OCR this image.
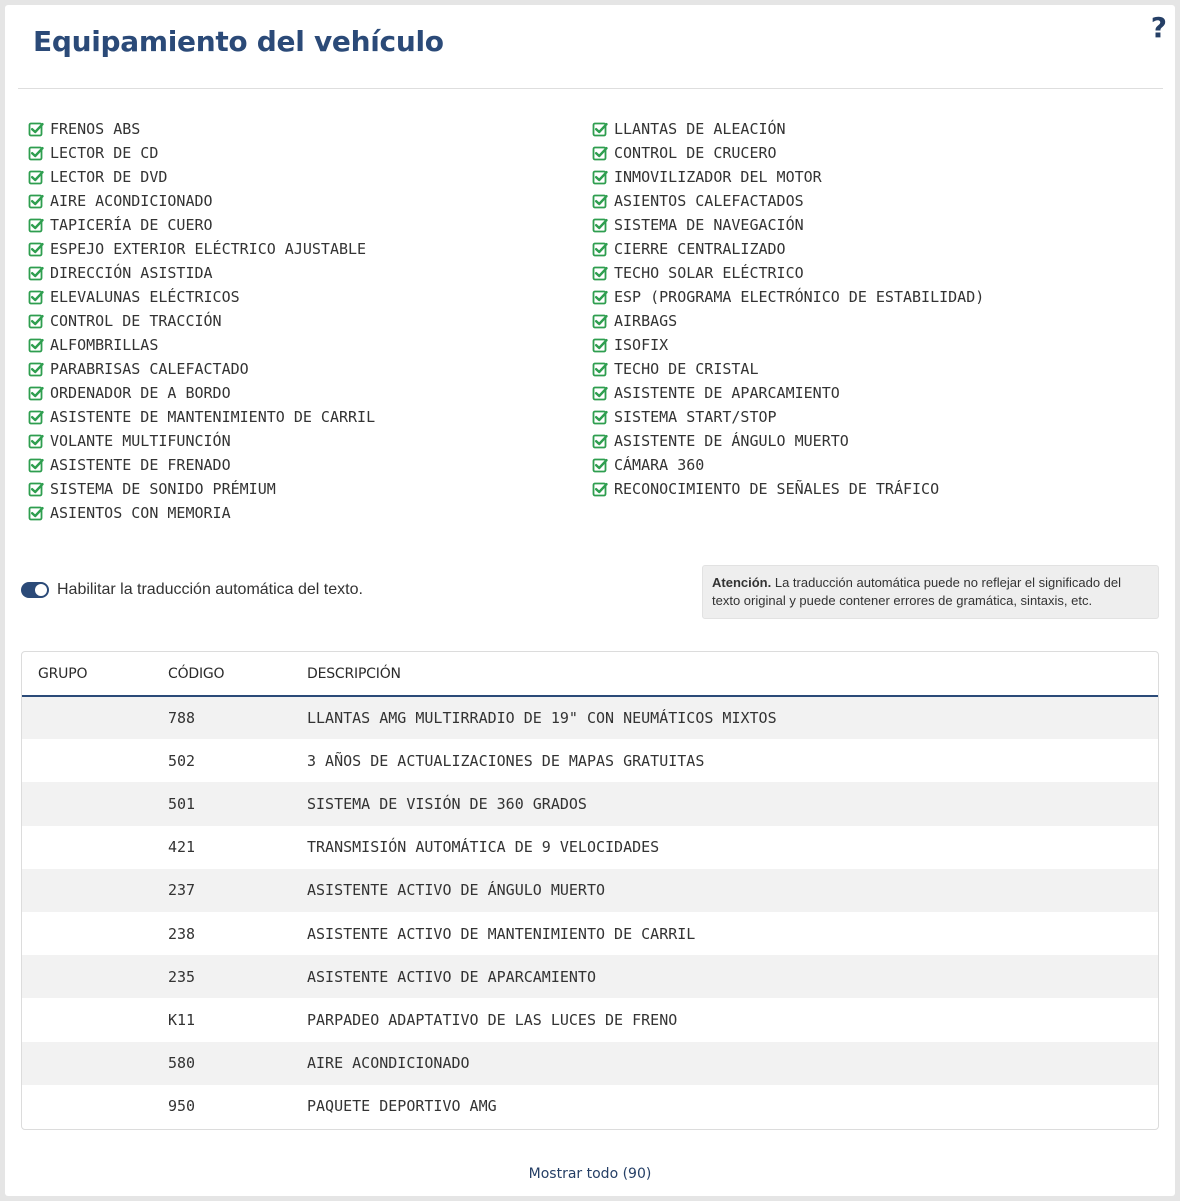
Equipamiento del vehículo	?
FRENOS ABS
LECTOR DE CD
LECTOR DE DVD
AIRE ACONDICIONADO
TAPICERÍA DE CUERO
ESPEJO EXTERIOR ELÉCTRICO AJUSTABLE
DIRECCIÓN ASISTIDA
ELEVALUNAS ELÉCTRICOS
CONTROL DE TRACCIÓN
ALFOMBRILLAS
PARABRISAS CALEFACTADO
ORDENADOR DE A BORDO
ASISTENTE DE MANTENIMIENTO DE CARRIL
VOLANTE MULTIFUNCIÓN
ASISTENTE DE FRENADO
SISTEMA DE SONIDO PRÉMIUM
ASIENTOS CON MEMORIA
LLANTAS DE ALEACIÓN
CONTROL DE CRUCERO
INMOVILIZADOR DEL MOTOR
ASIENTOS CALEFACTADOS
SISTEMA DE NAVEGACIÓN
CIERRE CENTRALIZADO
TECHO SOLAR ELÉCTRICO
ESP (PROGRAMA ELECTRÓNICO DE ESTABILIDAD)
AIRBAGS
ISOFIX
TECHO DE CRISTAL
ASISTENTE DE APARCAMIENTO
SISTEMA START/STOP
ASISTENTE DE ÁNGULO MUERTO
CÁMARA 360
RECONOCIMIENTO DE SEÑALES DE TRÁFICO
Habilitar la traducción automática del texto.	Atención. La traducción automática puede no reflejar el significado del texto original y puede contener errores de gramática, sintaxis, etc.
GRUPO	CÓDIGO	DESCRIPCIÓN
	788	LLANTAS AMG MULTIRRADIO DE 19" CON NEUMÁTICOS MIXTOS
	502	3 AÑOS DE ACTUALIZACIONES DE MAPAS GRATUITAS
	501	SISTEMA DE VISIÓN DE 360 GRADOS
	421	TRANSMISIÓN AUTOMÁTICA DE 9 VELOCIDADES
	237	ASISTENTE ACTIVO DE ÁNGULO MUERTO
	238	ASISTENTE ACTIVO DE MANTENIMIENTO DE CARRIL
	235	ASISTENTE ACTIVO DE APARCAMIENTO
	K11	PARPADEO ADAPTATIVO DE LAS LUCES DE FRENO
	580	AIRE ACONDICIONADO
	950	PAQUETE DEPORTIVO AMG
Mostrar todo (90)
